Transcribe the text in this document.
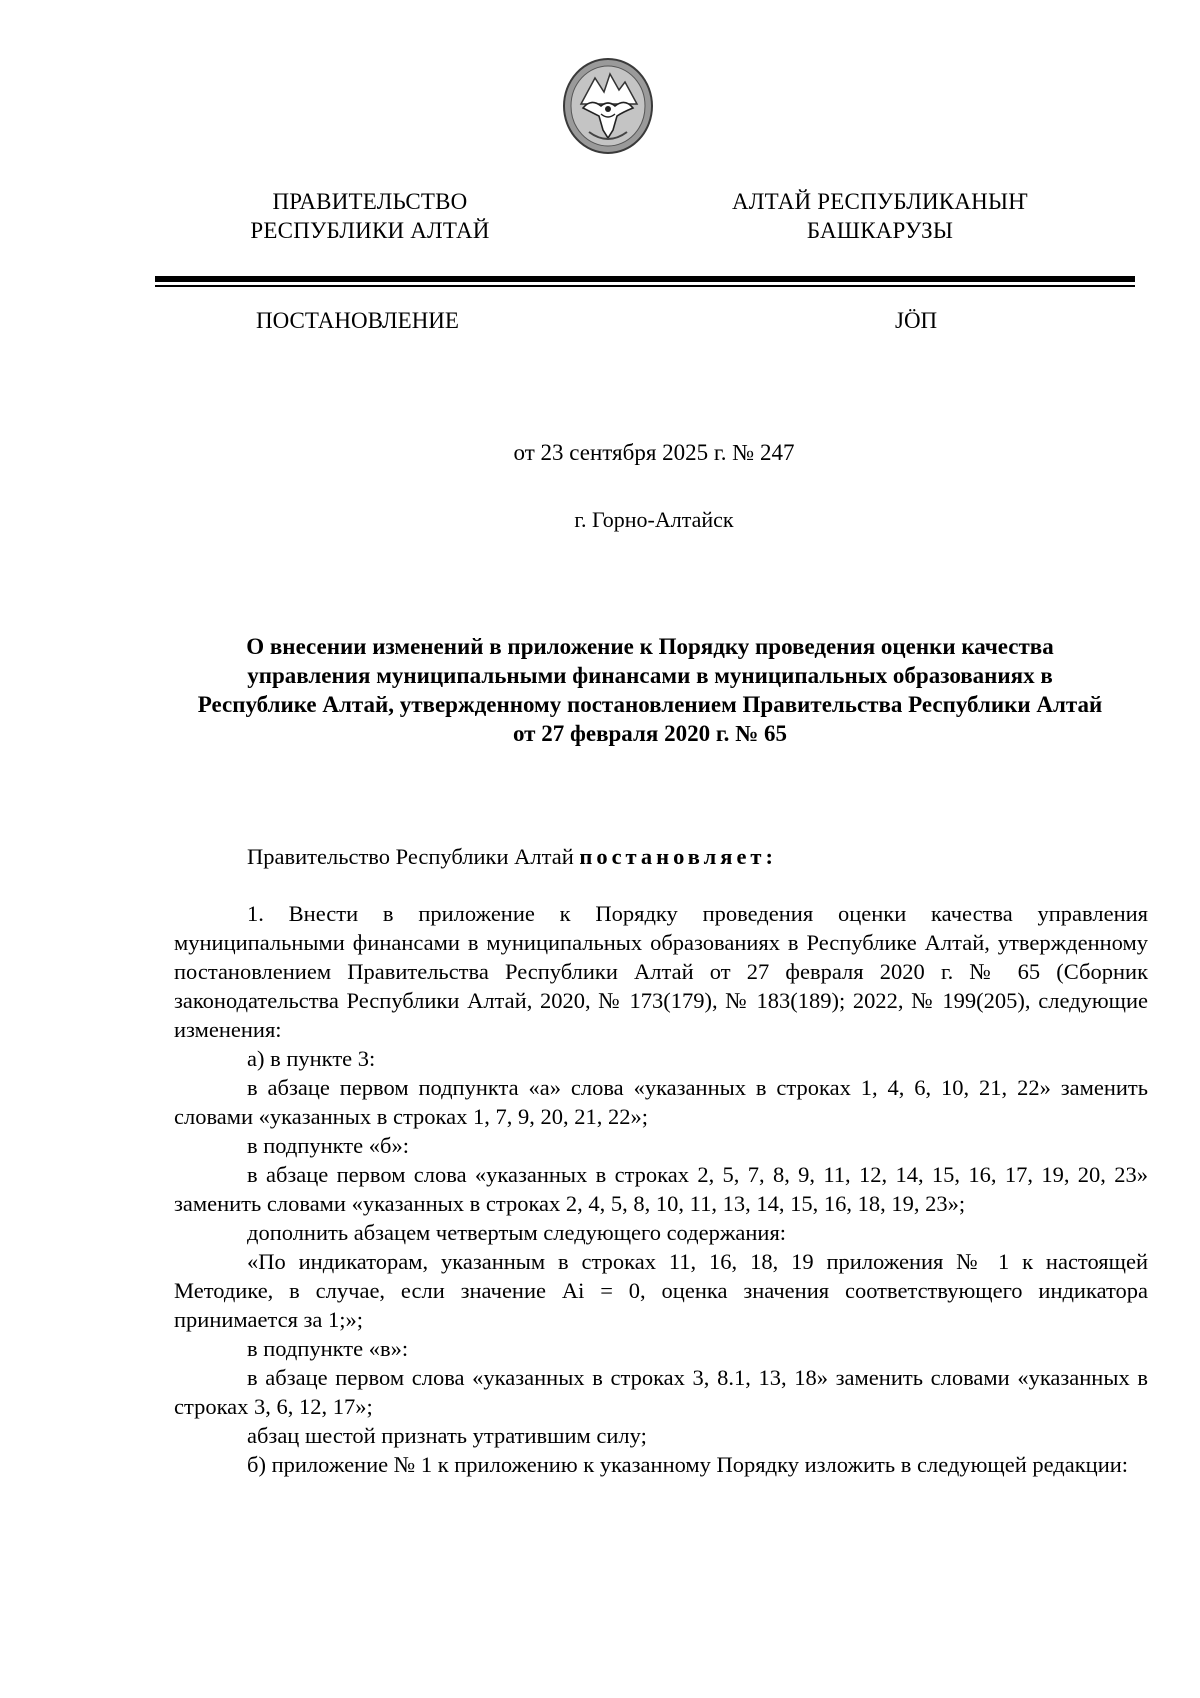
ПРАВИТЕЛЬСТВО
РЕСПУБЛИКИ АЛТАЙ
АЛТАЙ РЕСПУБЛИКАНЫҤ
БАШКАРУЗЫ
ПОСТАНОВЛЕНИЕ	JӦП
от 23 сентября 2025 г. № 247
г. Горно-Алтайск
О внесении изменений в приложение к Порядку проведения оценки качества
управления муниципальными финансами в муниципальных образованиях в
Республике Алтай, утвержденному постановлением Правительства Республики Алтай
от 27 февраля 2020 г. № 65

Правительство Республики Алтай постановляет:

1. Внести в приложение к Порядку проведения оценки качества управления муниципальными финансами в муниципальных образованиях в Республике Алтай, утвержденному постановлением Правительства Республики Алтай от 27 февраля 2020 г. № 65 (Сборник законодательства Республики Алтай, 2020, № 173(179), № 183(189); 2022, № 199(205), следующие изменения:

а) в пункте 3:

в абзаце первом подпункта «а» слова «указанных в строках 1, 4, 6, 10, 21, 22» заменить словами «указанных в строках 1, 7, 9, 20, 21, 22»;

в подпункте «б»:

в абзаце первом слова «указанных в строках 2, 5, 7, 8, 9, 11, 12, 14, 15, 16, 17, 19, 20, 23» заменить словами «указанных в строках 2, 4, 5, 8, 10, 11, 13, 14, 15, 16, 18, 19, 23»;

дополнить абзацем четвертым следующего содержания:

«По индикаторам, указанным в строках 11, 16, 18, 19 приложения № 1 к настоящей Методике, в случае, если значение Ai = 0, оценка значения соответствующего индикатора принимается за 1;»;

в подпункте «в»:

в абзаце первом слова «указанных в строках 3, 8.1, 13, 18» заменить словами «указанных в строках 3, 6, 12, 17»;

абзац шестой признать утратившим силу;

б) приложение № 1 к приложению к указанному Порядку изложить в следующей редакции:
